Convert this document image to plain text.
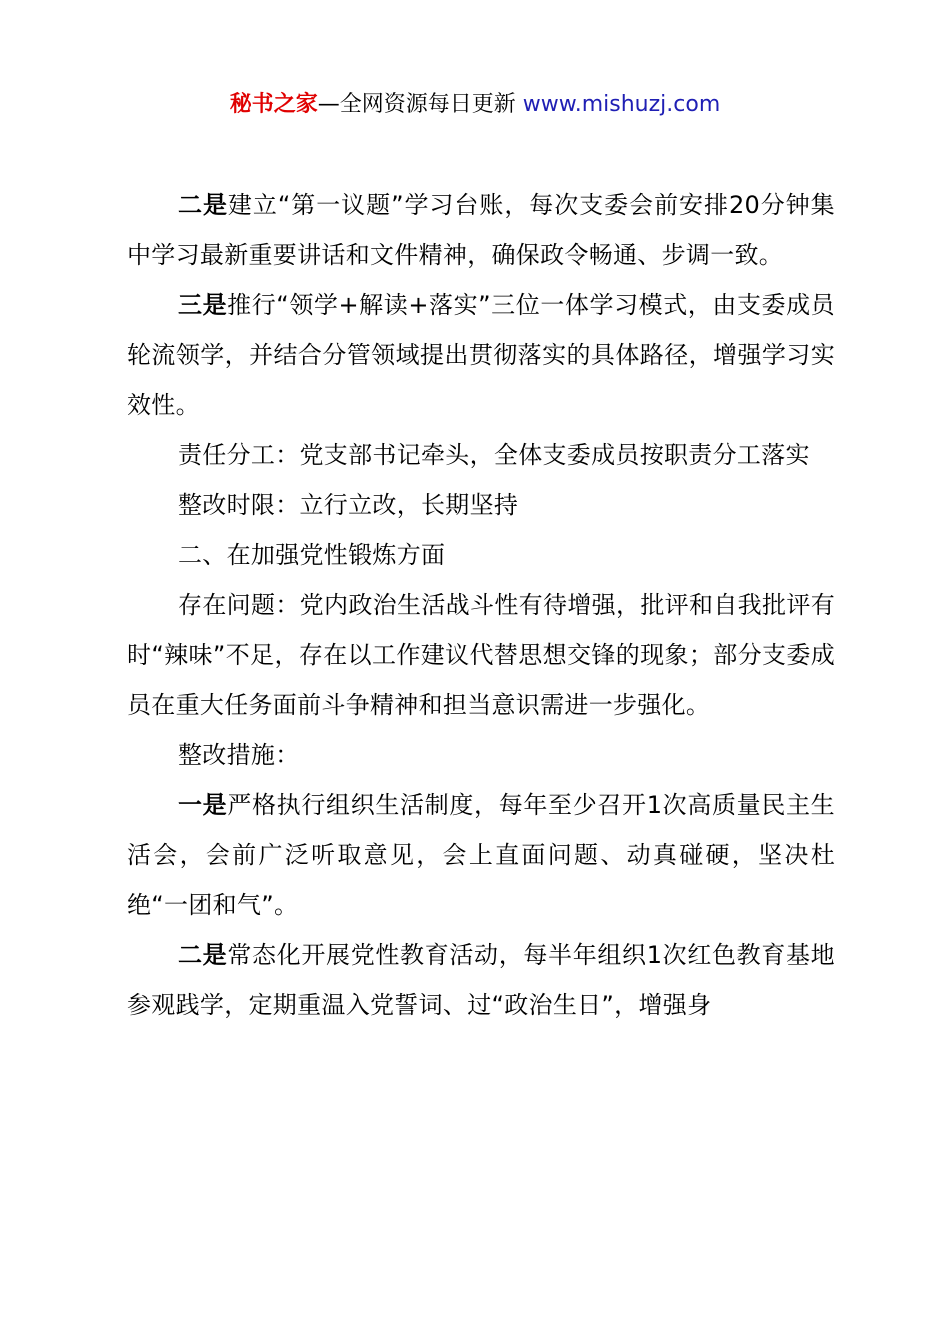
秘书之家—全网资源每日更新 www.mishuzj.com

二是建立“第一议题”学习台账，每次支委会前安排20分钟集中学习最新重要讲话和文件精神，确保政令畅通、步调一致。

三是推行“领学+解读+落实”三位一体学习模式，由支委成员轮流领学，并结合分管领域提出贯彻落实的具体路径，增强学习实效性。

责任分工：党支部书记牵头，全体支委成员按职责分工落实

整改时限：立行立改，长期坚持

二、在加强党性锻炼方面

存在问题：党内政治生活战斗性有待增强，批评和自我批评有时“辣味”不足，存在以工作建议代替思想交锋的现象；部分支委成员在重大任务面前斗争精神和担当意识需进一步强化。

整改措施：

一是严格执行组织生活制度，每年至少召开1次高质量民主生活会，会前广泛听取意见，会上直面问题、动真碰硬，坚决杜绝“一团和气”。

二是常态化开展党性教育活动，每半年组织1次红色教育基地参观践学，定期重温入党誓词、过“政治生日”，增强身
